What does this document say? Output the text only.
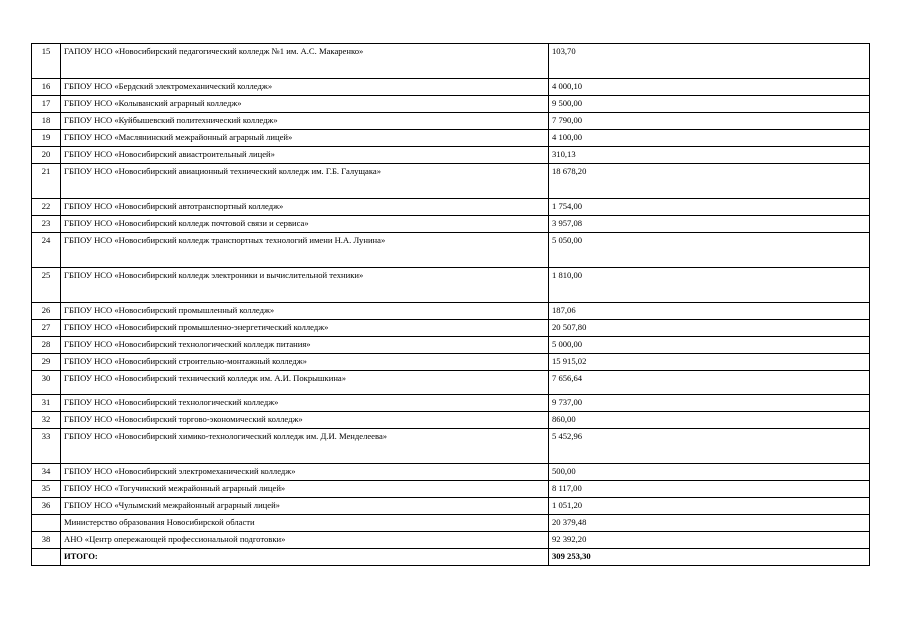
15	ГАПОУ НСО «Новосибирский педагогический колледж №1 им. А.С. Макаренко»	103,70
16	ГБПОУ НСО «Бердский электромеханический колледж»	4 000,10
17	ГБПОУ НСО «Колыванский аграрный колледж»	9 500,00
18	ГБПОУ НСО «Куйбышевский политехнический колледж»	7 790,00
19	ГБПОУ НСО «Маслянинский межрайонный аграрный лицей»	4 100,00
20	ГБПОУ НСО «Новосибирский авиастроительный лицей»	310,13
21	ГБПОУ НСО «Новосибирский авиационный технический колледж им. Г.Б. Галущака»	18 678,20
22	ГБПОУ НСО «Новосибирский автотранспортный колледж»	1 754,00
23	ГБПОУ НСО «Новосибирский колледж почтовой связи и сервиса»	3 957,08
24	ГБПОУ НСО «Новосибирский колледж транспортных технологий имени Н.А. Лунина»	5 050,00
25	ГБПОУ НСО «Новосибирский колледж электроники и вычислительной техники»	1 810,00
26	ГБПОУ НСО «Новосибирский промышленный колледж»	187,06
27	ГБПОУ НСО «Новосибирский промышленно-энергетический колледж»	20 507,80
28	ГБПОУ НСО «Новосибирский технологический колледж питания»	5 000,00
29	ГБПОУ НСО «Новосибирский строительно-монтажный колледж»	15 915,02
30	ГБПОУ НСО «Новосибирский технический колледж им. А.И. Покрышкина»	7 656,64
31	ГБПОУ НСО «Новосибирский технологический колледж»	9 737,00
32	ГБПОУ НСО «Новосибирский торгово-экономический колледж»	860,00
33	ГБПОУ НСО «Новосибирский химико-технологический колледж им. Д.И. Менделеева»	5 452,96
34	ГБПОУ НСО «Новосибирский электромеханический колледж»	500,00
35	ГБПОУ НСО «Тогучинский межрайонный аграрный лицей»	8 117,00
36	ГБПОУ НСО «Чулымский межрайонный аграрный лицей»	1 051,20
	Министерство образования Новосибирской области	20 379,48
38	АНО «Центр опережающей профессиональной подготовки»	92 392,20
	ИТОГО:	309 253,30
